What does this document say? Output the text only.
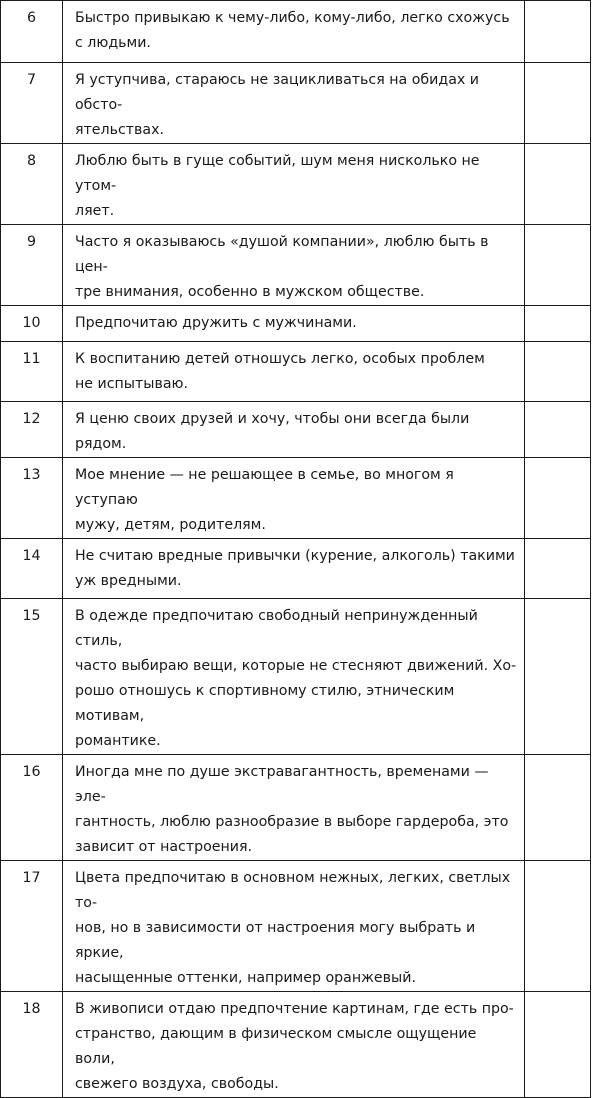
6	Быстро привыкаю к чему-либо, кому-либо, легко схожусь
с людьми.	

7	Я уступчива, стараюсь не зацикливаться на обидах и обсто-
ятельствах.	

8	Люблю быть в гуще событий, шум меня нисколько не утом-
ляет.	

9	Часто я оказываюсь «душой компании», люблю быть в цен-
тре внимания, особенно в мужском обществе.	

10	Предпочитаю дружить с мужчинами.	

11	К воспитанию детей отношусь легко, особых проблем
не испытываю.	

12	Я ценю своих друзей и хочу, чтобы они всегда были рядом.	

13	Мое мнение — не решающее в семье, во многом я уступаю
мужу, детям, родителям.	

14	Не считаю вредные привычки (курение, алкоголь) такими
уж вредными.	

15	В одежде предпочитаю свободный непринужденный стиль,
часто выбираю вещи, которые не стесняют движений. Хо-
рошо отношусь к спортивному стилю, этническим мотивам,
романтике.	

16	Иногда мне по душе экстравагантность, временами — эле-
гантность, люблю разнообразие в выборе гардероба, это
зависит от настроения.	

17	Цвета предпочитаю в основном нежных, легких, светлых то-
нов, но в зависимости от настроения могу выбрать и яркие,
насыщенные оттенки, например оранжевый.	

18	В живописи отдаю предпочтение картинам, где есть про-
странство, дающим в физическом смысле ощущение воли,
свежего воздуха, свободы.	
